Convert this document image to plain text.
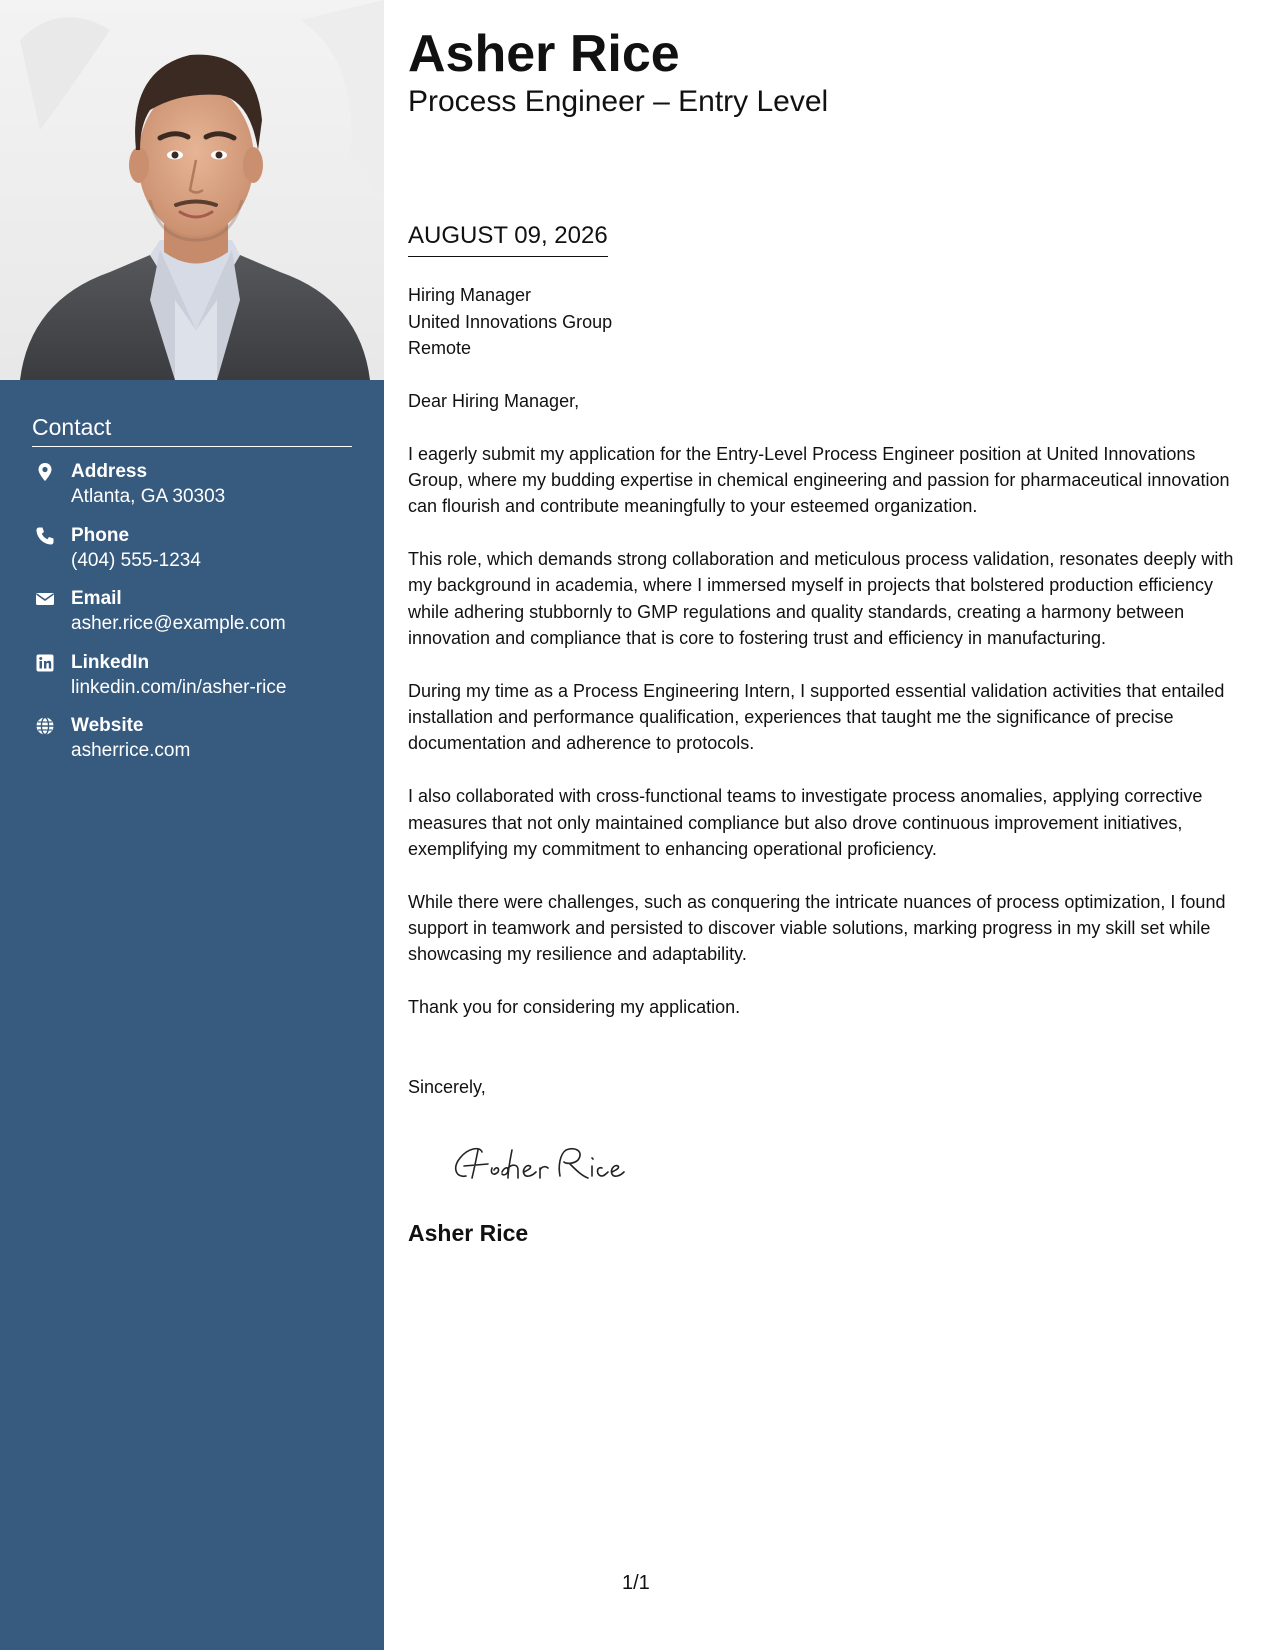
Contact
Address
Atlanta, GA 30303
Phone
(404) 555-1234
Email
asher.rice@example.com
LinkedIn
linkedin.com/in/asher-rice
Website
asherrice.com
Asher Rice
Process Engineer – Entry Level
AUGUST 09, 2026
Hiring Manager
United Innovations Group
Remote

Dear Hiring Manager,

I eagerly submit my application for the Entry-Level Process Engineer position at United Innovations Group, where my budding expertise in chemical engineering and passion for pharmaceutical innovation can flourish and contribute meaningfully to your esteemed organization.

This role, which demands strong collaboration and meticulous process validation, resonates deeply with my background in academia, where I immersed myself in projects that bolstered production efficiency while adhering stubbornly to GMP regulations and quality standards, creating a harmony between innovation and compliance that is core to fostering trust and efficiency in manufacturing.

During my time as a Process Engineering Intern, I supported essential validation activities that entailed installation and performance qualification, experiences that taught me the significance of precise documentation and adherence to protocols.

I also collaborated with cross-functional teams to investigate process anomalies, applying corrective measures that not only maintained compliance but also drove continuous improvement initiatives, exemplifying my commitment to enhancing operational proficiency.

While there were challenges, such as conquering the intricate nuances of process optimization, I found support in teamwork and persisted to discover viable solutions, marking progress in my skill set while showcasing my resilience and adaptability.

Thank you for considering my application.

Sincerely,
Asher Rice
1/1
